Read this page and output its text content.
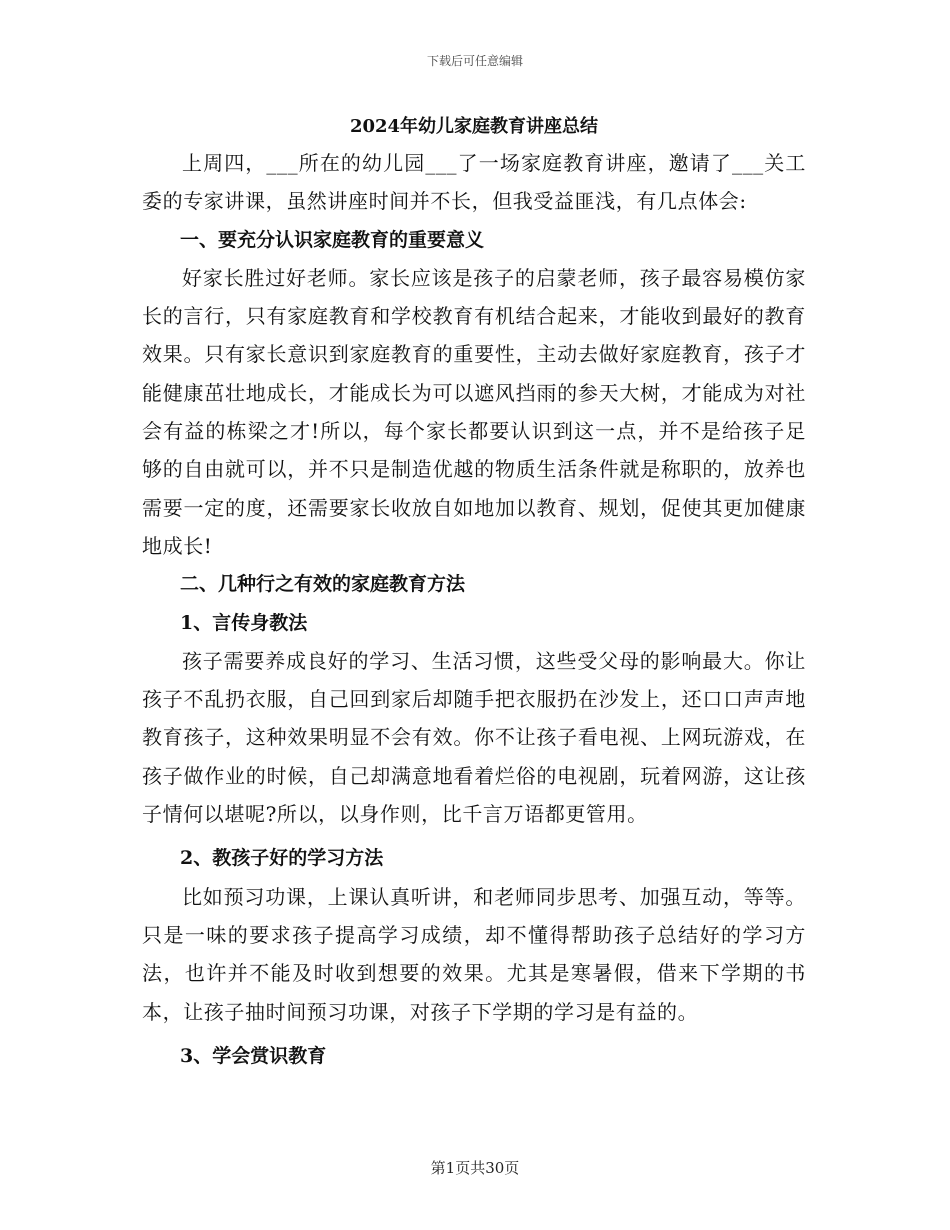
下载后可任意编辑

2024年幼儿家庭教育讲座总结

上周四，___所在的幼儿园___了一场家庭教育讲座，邀请了___关工委的专家讲课，虽然讲座时间并不长，但我受益匪浅，有几点体会:

一、要充分认识家庭教育的重要意义

好家长胜过好老师。家长应该是孩子的启蒙老师，孩子最容易模仿家长的言行，只有家庭教育和学校教育有机结合起来，才能收到最好的教育效果。只有家长意识到家庭教育的重要性，主动去做好家庭教育，孩子才能健康茁壮地成长，才能成长为可以遮风挡雨的参天大树，才能成为对社会有益的栋梁之才!所以，每个家长都要认识到这一点，并不是给孩子足够的自由就可以，并不只是制造优越的物质生活条件就是称职的，放养也需要一定的度，还需要家长收放自如地加以教育、规划，促使其更加健康地成长!

二、几种行之有效的家庭教育方法

1、言传身教法

孩子需要养成良好的学习、生活习惯，这些受父母的影响最大。你让孩子不乱扔衣服，自己回到家后却随手把衣服扔在沙发上，还口口声声地教育孩子，这种效果明显不会有效。你不让孩子看电视、上网玩游戏，在孩子做作业的时候，自己却满意地看着烂俗的电视剧，玩着网游，这让孩子情何以堪呢?所以，以身作则，比千言万语都更管用。

2、教孩子好的学习方法

比如预习功课，上课认真听讲，和老师同步思考、加强互动，等等。只是一味的要求孩子提高学习成绩，却不懂得帮助孩子总结好的学习方法，也许并不能及时收到想要的效果。尤其是寒暑假，借来下学期的书本，让孩子抽时间预习功课，对孩子下学期的学习是有益的。

3、学会赏识教育

第1页共30页
